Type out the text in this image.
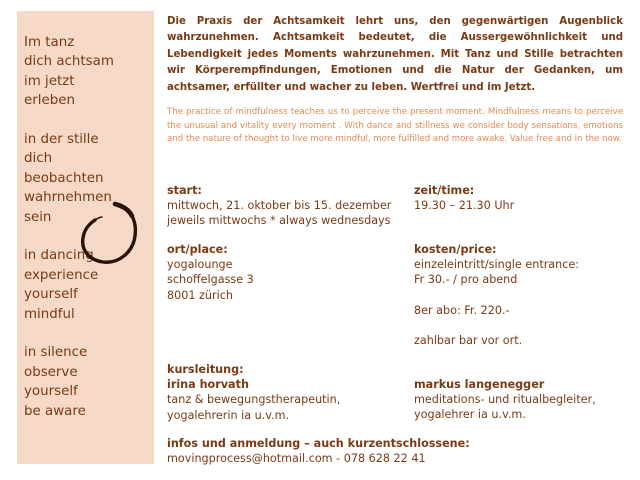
Im tanz
dich achtsam
im jetzt
erleben
in der stille
dich
beobachten
wahrnehmen
sein
in dancing
experience
yourself
mindful
in silence
observe
yourself
be aware
Die Praxis der Achtsamkeit lehrt uns, den gegenwärtigen Augenblick wahrzunehmen. Achtsamkeit bedeutet, die Aussergewöhnlichkeit und Lebendigkeit jedes Moments wahrzunehmen. Mit Tanz und Stille betrachten wir Körperempfindungen, Emotionen und die Natur der Gedanken, um achtsamer, erfüllter und wacher zu leben. Wertfrei und im Jetzt.
The practice of mindfulness teaches us to perceive the present moment. Mindfulness means to perceive the unusual and vitality every moment . With dance and stillness we consider body sensations, emotions and the nature of thought to live more mindful, more fulfilled and more awake. Value free and in the now.
start:
mittwoch, 21. oktober bis 15. dezember
jeweils mittwochs * always wednesdays
zeit/time:
19.30 – 21.30 Uhr
ort/place:
yogalounge
schoffelgasse 3
8001 zürich
kosten/price:
einzeleintritt/single entrance:
Fr 30.- / pro abend
8er abo: Fr. 220.-
zahlbar bar vor ort.
kursleitung:
irina horvath
tanz & bewegungstherapeutin,
yogalehrerin ia u.v.m.
markus langenegger
meditations- und ritualbegleiter,
yogalehrer ia u.v.m.
infos und anmeldung – auch kurzentschlossene:
movingprocess@hotmail.com - 078 628 22 41
